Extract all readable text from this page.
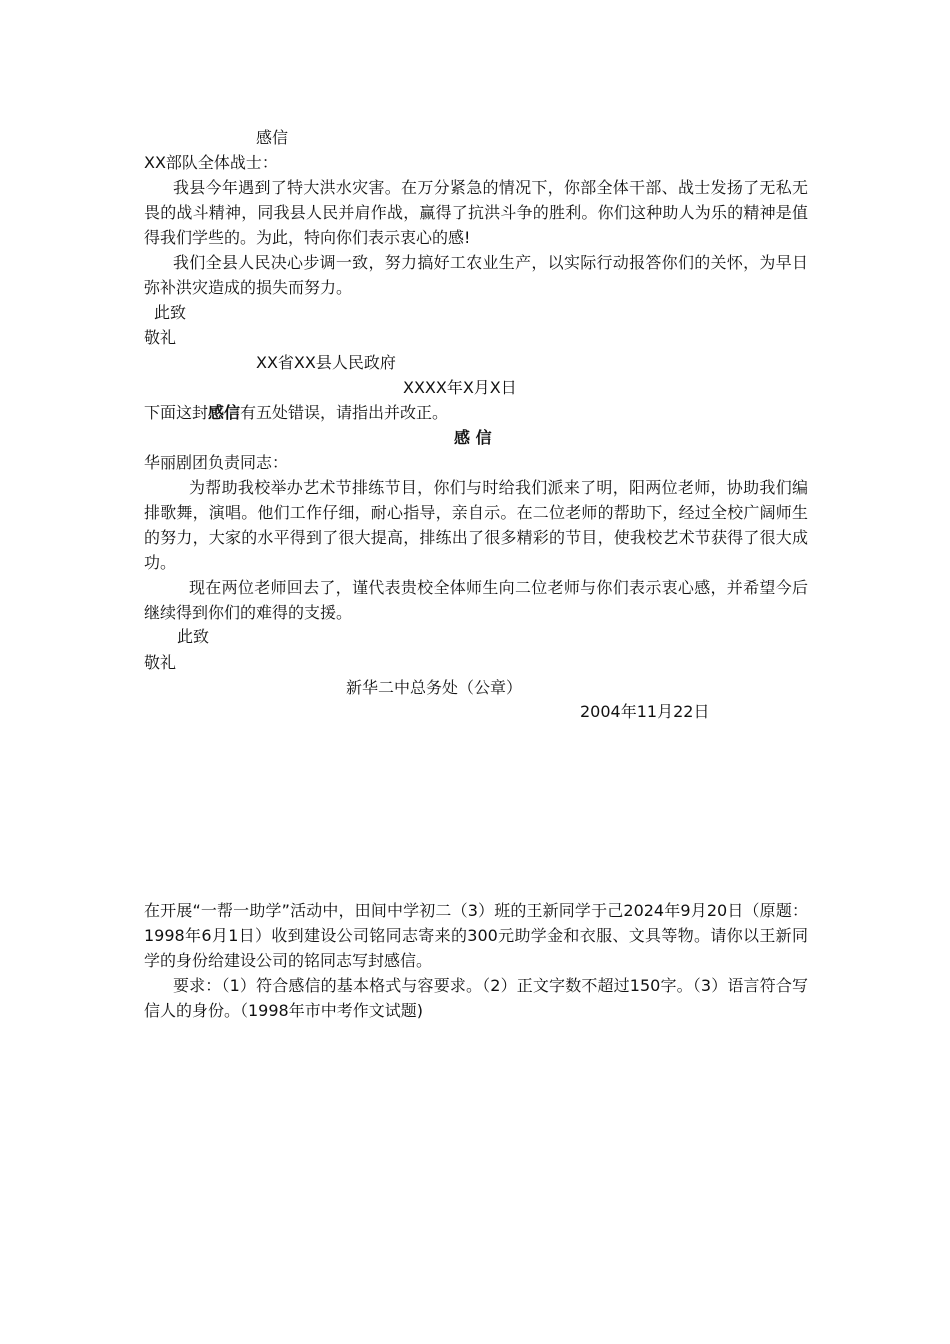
感信
XX部队全体战士：
我县今年遇到了特大洪水灾害。在万分紧急的情况下，你部全体干部、战士发扬了无私无畏的战斗精神，同我县人民并肩作战，赢得了抗洪斗争的胜利。你们这种助人为乐的精神是值得我们学些的。为此，特向你们表示衷心的感!
我们全县人民决心步调一致，努力搞好工农业生产，以实际行动报答你们的关怀，为早日弥补洪灾造成的损失而努力。
此致
敬礼
XX省XX县人民政府
XXXX年X月X日
下面这封感信有五处错误，请指出并改正。
感 信
华丽剧团负责同志：
为帮助我校举办艺术节排练节目，你们与时给我们派来了明，阳两位老师，协助我们编排歌舞，演唱。他们工作仔细，耐心指导，亲自示。在二位老师的帮助下，经过全校广阔师生的努力，大家的水平得到了很大提高，排练出了很多精彩的节目，使我校艺术节获得了很大成功。
现在两位老师回去了，谨代表贵校全体师生向二位老师与你们表示衷心感，并希望今后继续得到你们的难得的支援。
此致
敬礼
新华二中总务处（公章）
2004年11月22日
在开展“一帮一助学”活动中，田间中学初二（3）班的王新同学于己2024年9月20日（原题： 1998年6月1日）收到建设公司铭同志寄来的300元助学金和衣服、文具等物。请你以王新同学的身份给建设公司的铭同志写封感信。
要求：（1）符合感信的基本格式与容要求。（2）正文字数不超过150字。（3）语言符合写信人的身份。（1998年市中考作文试题)
